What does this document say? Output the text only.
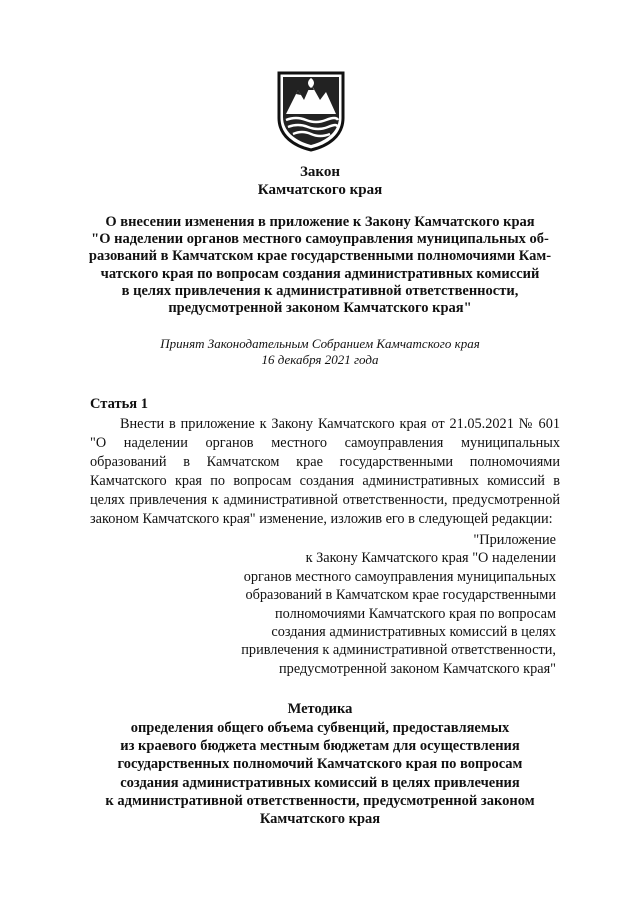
Закон
Камчатского края
О внесении изменения в приложение к Закону Камчатского края
"О наделении органов местного самоуправления муниципальных об-
разований в Камчатском крае государственными полномочиями Кам-
чатского края по вопросам создания административных комиссий
в целях привлечения к административной ответственности,
предусмотренной законом Камчатского края"
Принят Законодательным Собранием Камчатского края
16 декабря 2021 года
Статья 1
Внести в приложение к Закону Камчатского края от 21.05.2021 № 601 "О наделении органов местного самоуправления муниципальных образований в Камчатском крае государственными полномочиями Камчатского края по вопросам создания административных комиссий в целях привлечения к административной ответственности, предусмотренной законом Камчатского края" изменение, изложив его в следующей редакции:
"Приложение
к Закону Камчатского края "О наделении
органов местного самоуправления муниципальных
образований в Камчатском крае государственными
полномочиями Камчатского края по вопросам
создания административных комиссий в целях
привлечения к административной ответственности,
предусмотренной законом Камчатского края"
Методика
определения общего объема субвенций, предоставляемых
из краевого бюджета местным бюджетам для осуществления
государственных полномочий Камчатского края по вопросам
создания административных комиссий в целях привлечения
к административной ответственности, предусмотренной законом
Камчатского края
